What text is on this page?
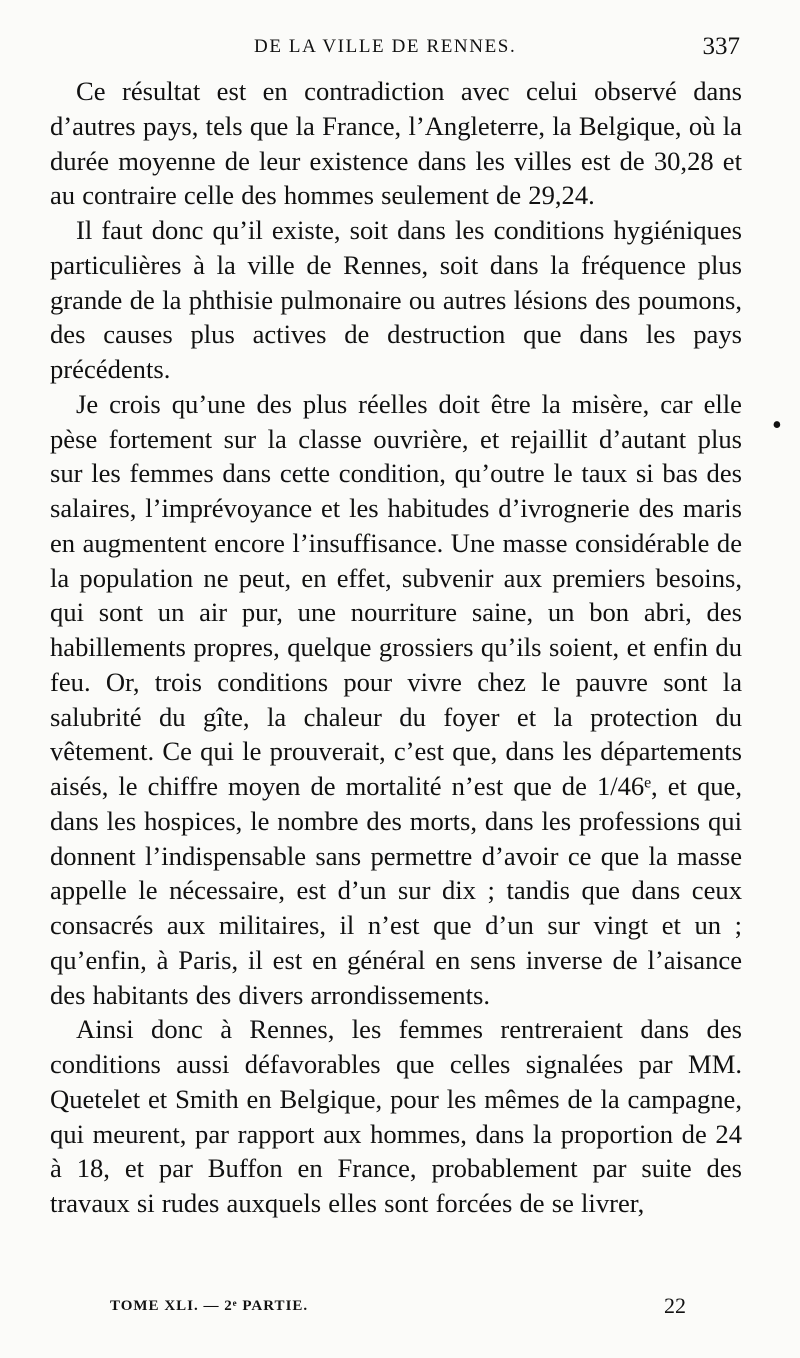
DE LA VILLE DE RENNES.	337

Ce résultat est en contradiction avec celui observé dans d’autres pays, tels que la France, l’Angleterre, la Belgique, où la durée moyenne de leur existence dans les villes est de 30,28 et au contraire celle des hommes seulement de 29,24.

Il faut donc qu’il existe, soit dans les conditions hygiéniques particulières à la ville de Rennes, soit dans la fréquence plus grande de la phthisie pulmonaire ou autres lésions des poumons, des causes plus actives de destruction que dans les pays précédents.

Je crois qu’une des plus réelles doit être la misère, car elle pèse fortement sur la classe ouvrière, et rejaillit d’autant plus sur les femmes dans cette condition, qu’outre le taux si bas des salaires, l’imprévoyance et les habitudes d’ivrognerie des maris en augmentent encore l’insuffisance. Une masse considérable de la population ne peut, en effet, subvenir aux premiers besoins, qui sont un air pur, une nourriture saine, un bon abri, des habillements propres, quelque grossiers qu’ils soient, et enfin du feu. Or, trois conditions pour vivre chez le pauvre sont la salubrité du gîte, la chaleur du foyer et la protection du vêtement. Ce qui le prouverait, c’est que, dans les départements aisés, le chiffre moyen de mortalité n’est que de 1/46ᵉ, et que, dans les hospices, le nombre des morts, dans les professions qui donnent l’indispensable sans permettre d’avoir ce que la masse appelle le nécessaire, est d’un sur dix ; tandis que dans ceux consacrés aux militaires, il n’est que d’un sur vingt et un ; qu’enfin, à Paris, il est en général en sens inverse de l’aisance des habitants des divers arrondissements.

Ainsi donc à Rennes, les femmes rentreraient dans des conditions aussi défavorables que celles signalées par MM. Quetelet et Smith en Belgique, pour les mêmes de la campagne, qui meurent, par rapport aux hommes, dans la proportion de 24 à 18, et par Buffon en France, probablement par suite des travaux si rudes auxquels elles sont forcées de se livrer,

•
TOME XLI. — 2ᵉ PARTIE.	22
